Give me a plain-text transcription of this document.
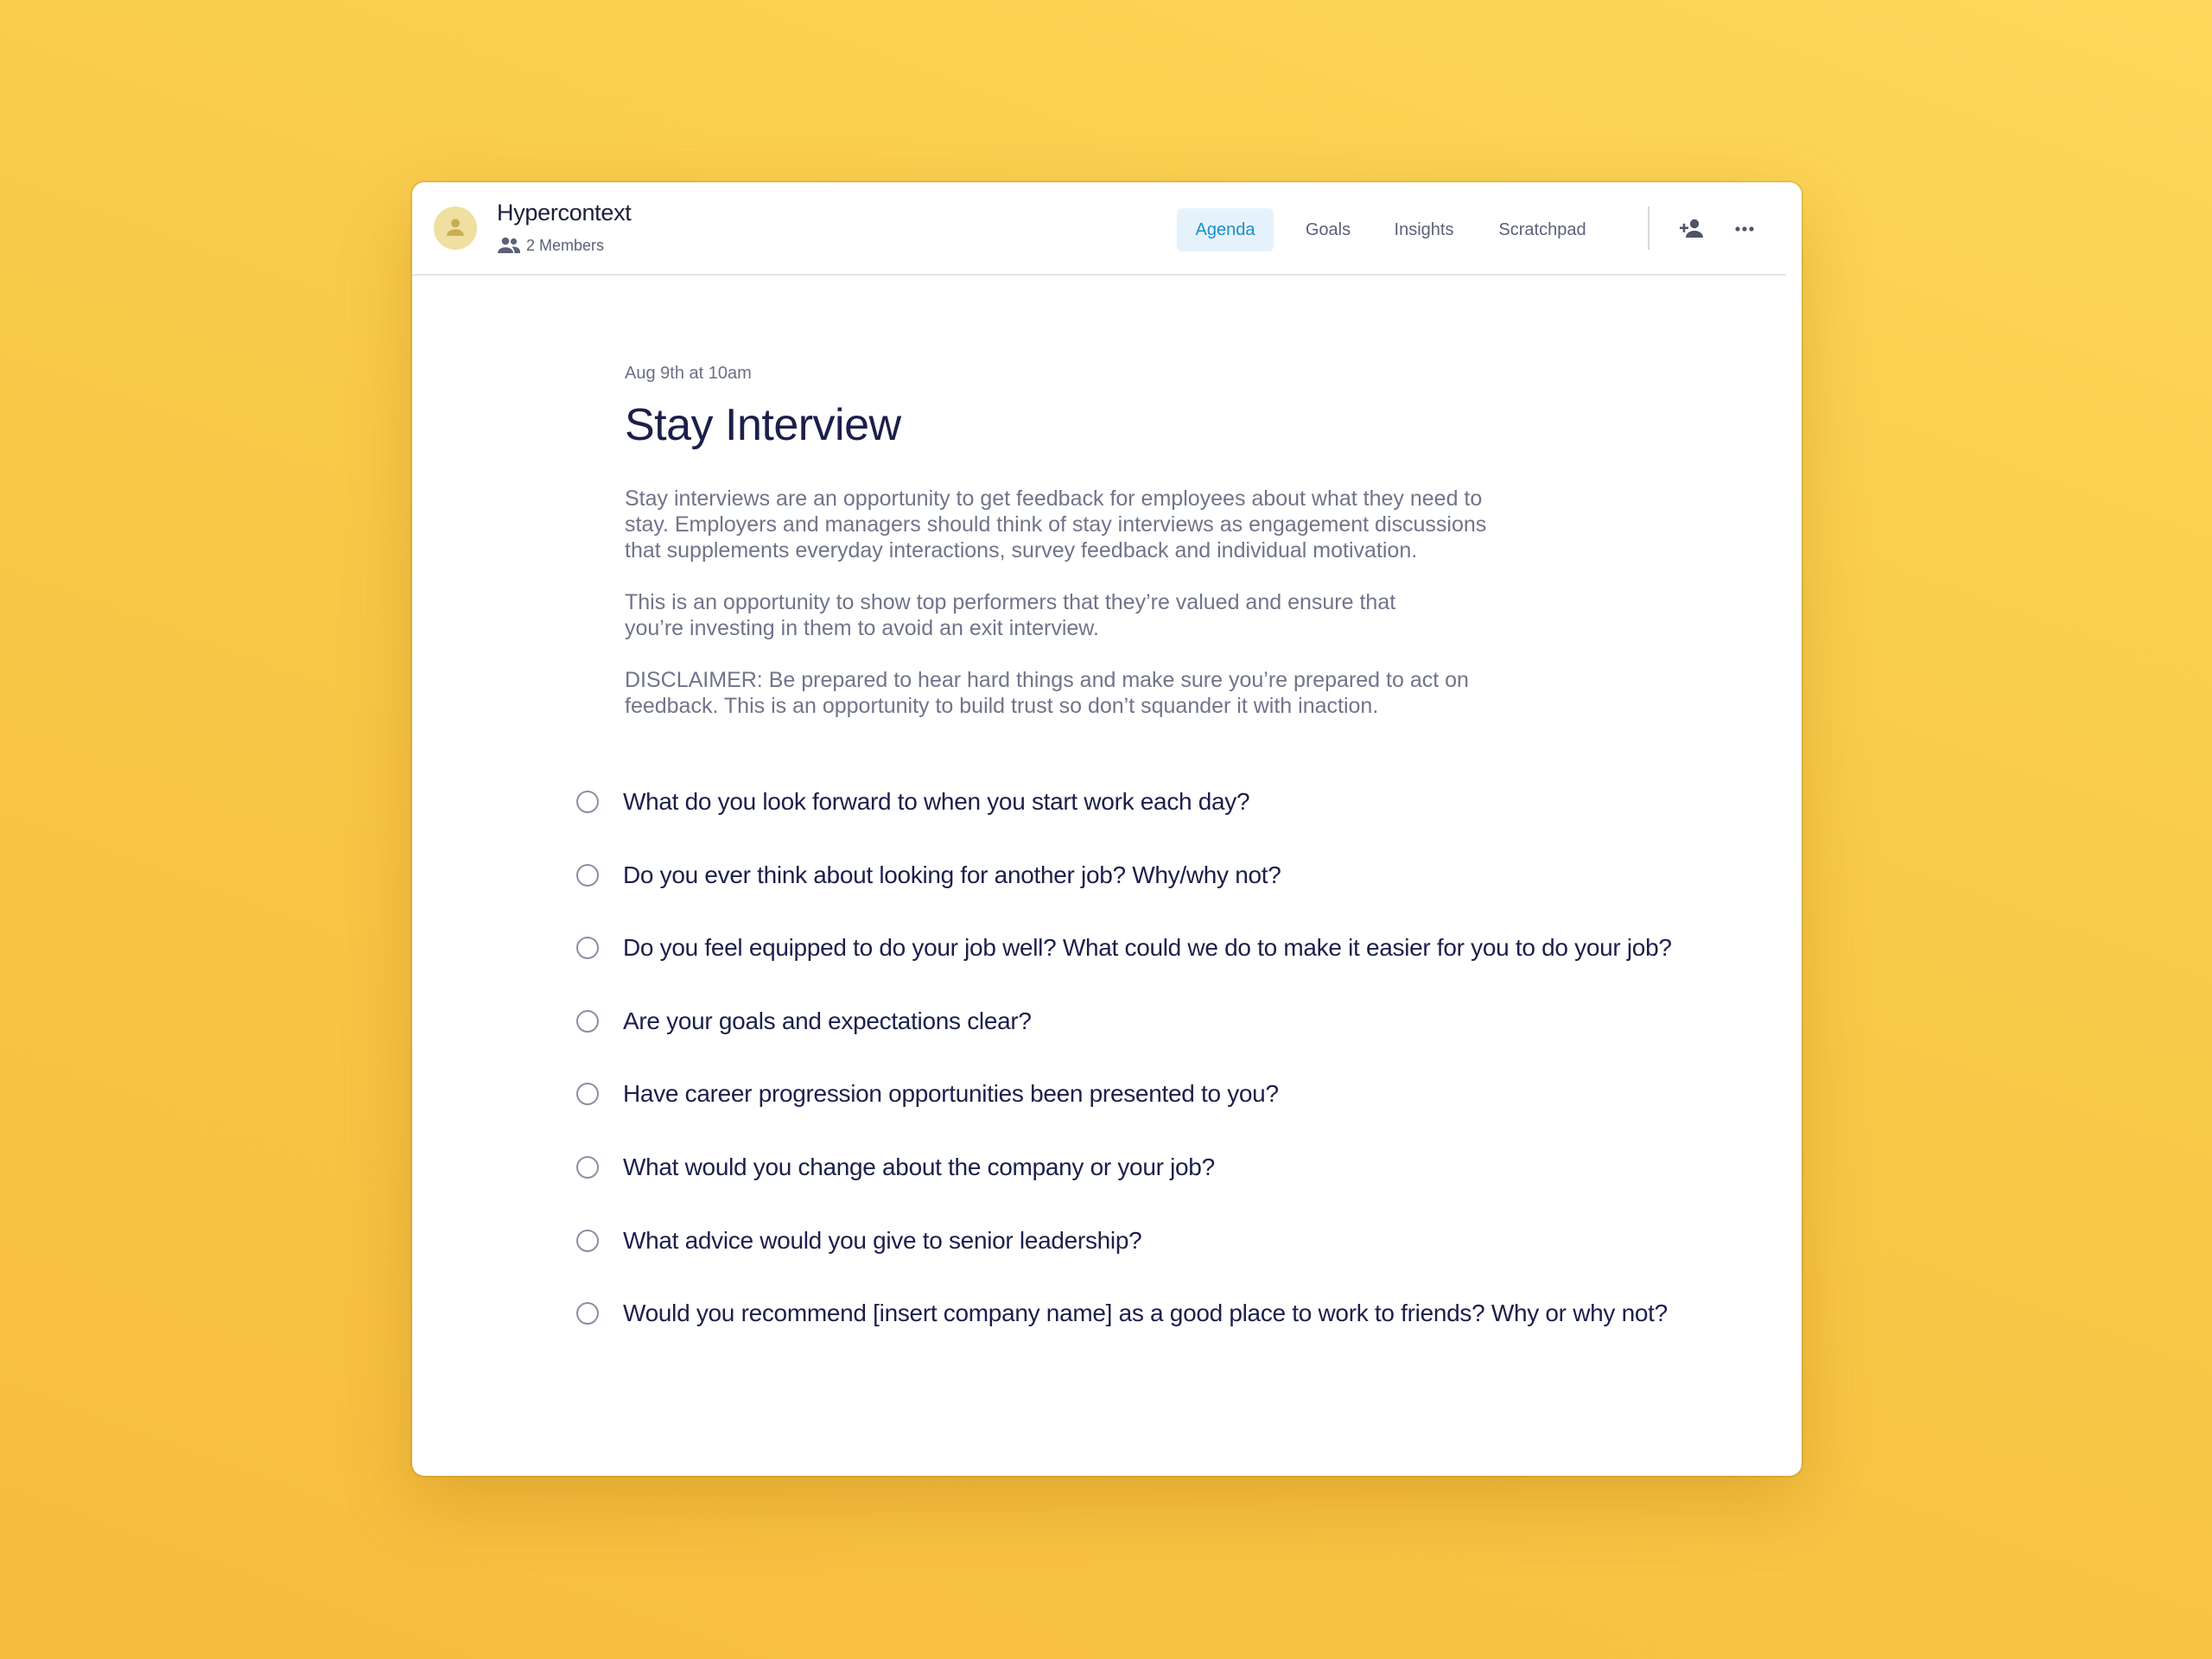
Hypercontext
2 Members
Agenda	Goals	Insights	Scratchpad

Aug 9th at 10am

Stay Interview

Stay interviews are an opportunity to get feedback for employees about what they need to stay. Employers and managers should think of stay interviews as engagement discussions that supplements everyday interactions, survey feedback and individual motivation.

This is an opportunity to show top performers that they’re valued and ensure that you’re investing in them to avoid an exit interview.

DISCLAIMER: Be prepared to hear hard things and make sure you’re prepared to act on feedback. This is an opportunity to build trust so don’t squander it with inaction.

What do you look forward to when you start work each day?
Do you ever think about looking for another job? Why/why not?
Do you feel equipped to do your job well? What could we do to make it easier for you to do your job?
Are your goals and expectations clear?
Have career progression opportunities been presented to you?
What would you change about the company or your job?
What advice would you give to senior leadership?
Would you recommend [insert company name] as a good place to work to friends? Why or why not?
